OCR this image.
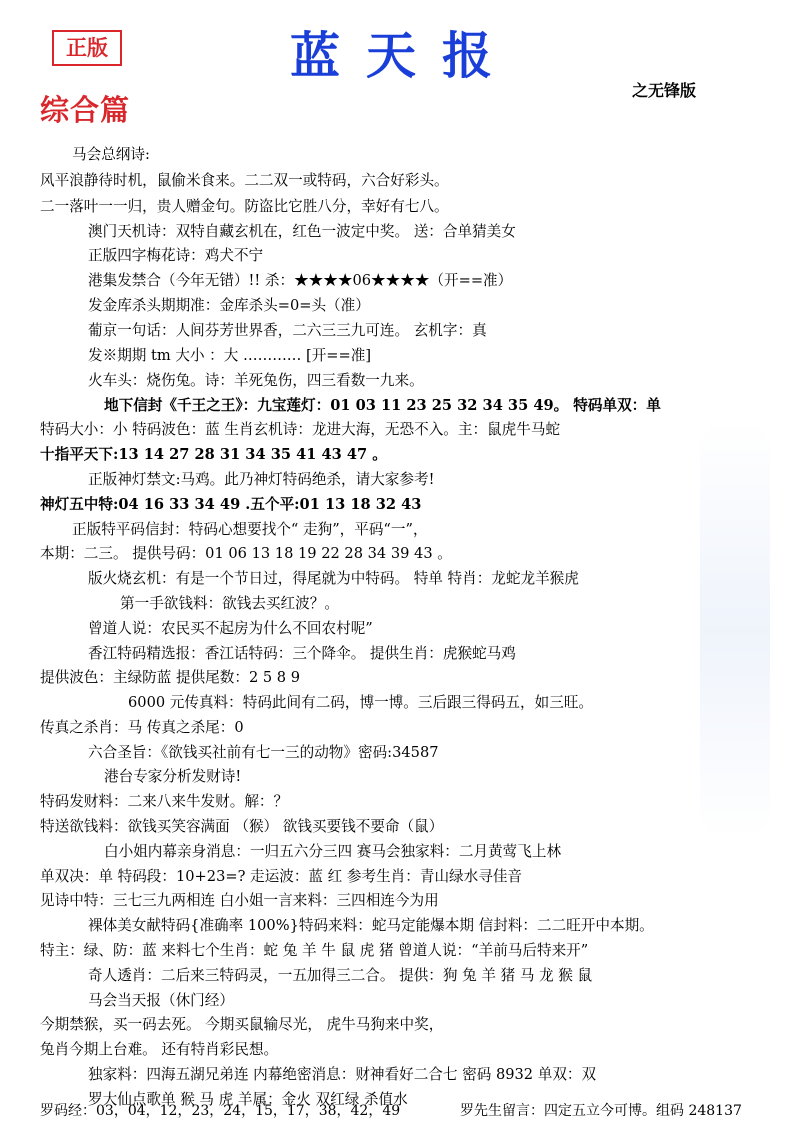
正版	蓝天报
之无锋版
综合篇
马会总纲诗:
风平浪静待时机，鼠偷米食来。二二双一或特码，六合好彩头。
二一落叶一一归，贵人赠金句。防盗比它胜八分，幸好有七八。
澳门天机诗：双特自藏玄机在，红色一波定中奖。 送：合单猜美女
正版四字梅花诗：鸡犬不宁
港集发禁合（今年无错）!! 杀：★★★★06★★★★（开==准）
发金库杀头期期准：金库杀头=0=头（准）
葡京一句话：人间芬芳世界香，二六三三九可连。 玄机字：真
发※期期 tm 大小 ：大 ………… [开==准]
火车头：烧伤兔。诗：羊死兔伤，四三看数一九来。
地下信封《千王之王》：九宝莲灯：01 03 11 23 25 32 34 35 49。 特码单双：单
特码大小：小 特码波色：蓝 生肖玄机诗：龙进大海，无恐不入。主：鼠虎牛马蛇
十指平天下:13 14 27 28 31 34 35 41 43 47 。
正版神灯禁文:马鸡。此乃神灯特码绝杀，请大家参考!
神灯五中特:04 16 33 34 49 .五个平:01 13 18 32 43
正版特平码信封：特码心想要找个“ 走狗”，平码“一”，
本期：二三。 提供号码：01 06 13 18 19 22 28 34 39 43 。
版火烧玄机：有是一个节日过，得尾就为中特码。 特单 特肖：龙蛇龙羊猴虎
第一手欲钱料：欲钱去买红波？。
曾道人说：农民买不起房为什么不回农村呢”
香江特码精选报：香江话特码：三个降伞。 提供生肖：虎猴蛇马鸡
提供波色：主绿防蓝 提供尾数：2 5 8 9
6000 元传真料：特码此间有二码，博一博。三后跟三得码五，如三旺。
传真之杀肖：马 传真之杀尾：0
六合圣旨：《欲钱买社前有七一三的动物》密码:34587
港台专家分析发财诗!
特码发财料：二来八来牛发财。解：？
特送欲钱料：欲钱买笑容满面 （猴） 欲钱买要钱不要命（鼠）
白小姐内幕亲身消息：一归五六分三四 赛马会独家料：二月黄莺飞上林
单双决：单 特码段：10+23=? 走运波：蓝 红 参考生肖：青山绿水寻佳音
见诗中特：三七三九两相连 白小姐一言来料：三四相连今为用
裸体美女献特码{准确率 100%}特码来料：蛇马定能爆本期 信封料：二二旺开中本期。
特主：绿、防：蓝 来料七个生肖：蛇 兔 羊 牛 鼠 虎 猪 曾道人说：“羊前马后特来开”
奇人透肖：二后来三特码灵，一五加得三二合。 提供：狗 兔 羊 猪 马 龙 猴 鼠
马会当天报（休门经）
今期禁猴，买一码去死。 今期买鼠输尽光， 虎牛马狗来中奖，
兔肖今期上台难。 还有特肖彩民想。
独家料：四海五湖兄弟连 内幕绝密消息：财神看好二合七 密码 8932 单双：双
罗大仙点歌单 猴 马 虎 羊属：金火 双红绿 杀值水
罗码经：03，04，12，23，24，15，17，38，42，49	罗先生留言：四定五立今可博。组码 248137
